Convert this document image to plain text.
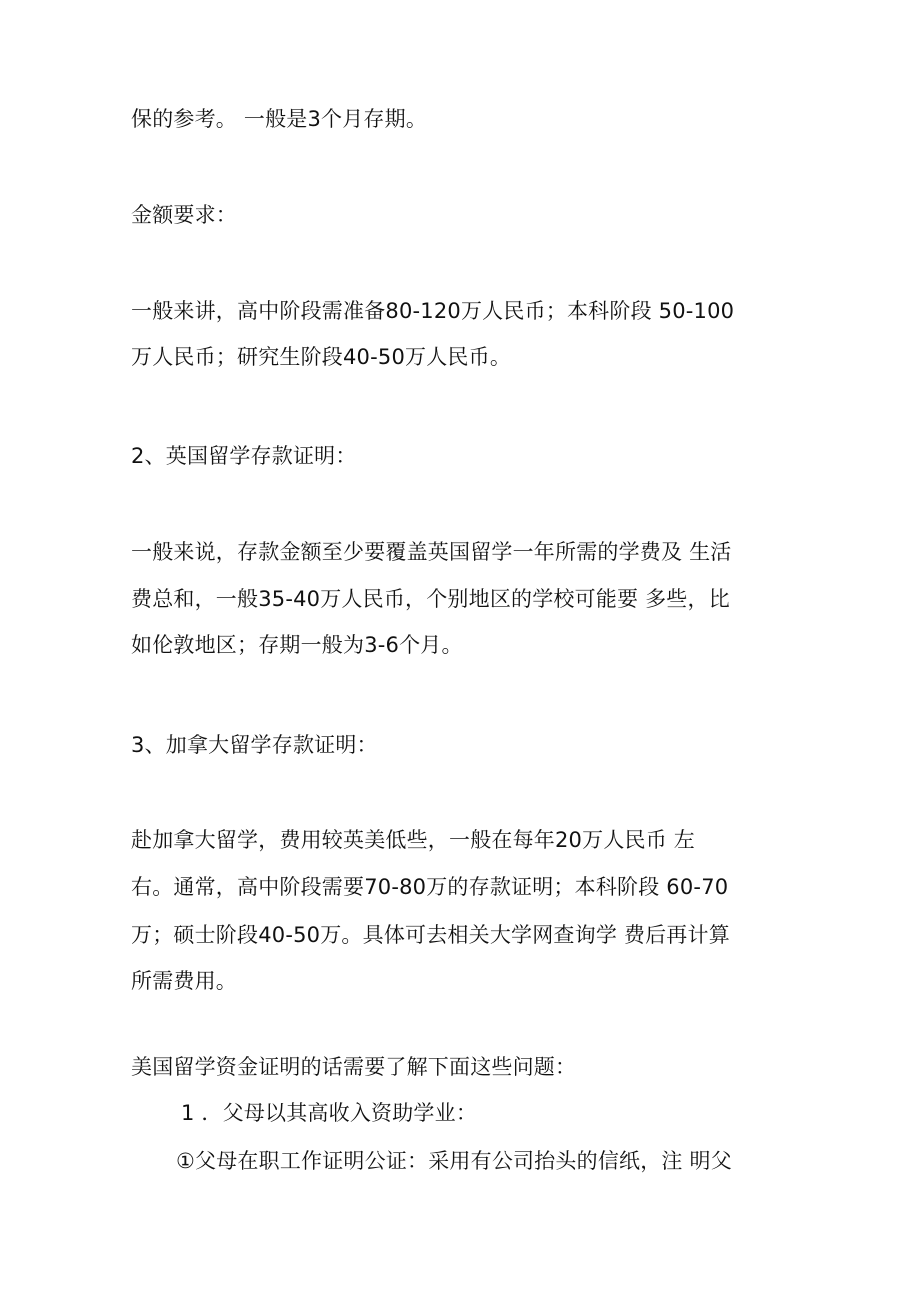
保的参考。 一般是3个月存期。
金额要求：
一般来讲，高中阶段需准备80-120万人民币；本科阶段 50-100
万人民币；研究生阶段40-50万人民币。
2、英国留学存款证明：
一般来说，存款金额至少要覆盖英国留学一年所需的学费及 生活
费总和，一般35-40万人民币，个别地区的学校可能要 多些，比
如伦敦地区；存期一般为3-6个月。
3、加拿大留学存款证明：
赴加拿大留学，费用较英美低些，一般在每年20万人民币 左
右。通常，高中阶段需要70-80万的存款证明；本科阶段 60-70
万；硕士阶段40-50万。具体可去相关大学网查询学 费后再计算
所需费用。
美国留学资金证明的话需要了解下面这些问题：
1 ．父母以其高收入资助学业：
①父母在职工作证明公证：采用有公司抬头的信纸，注 明父
